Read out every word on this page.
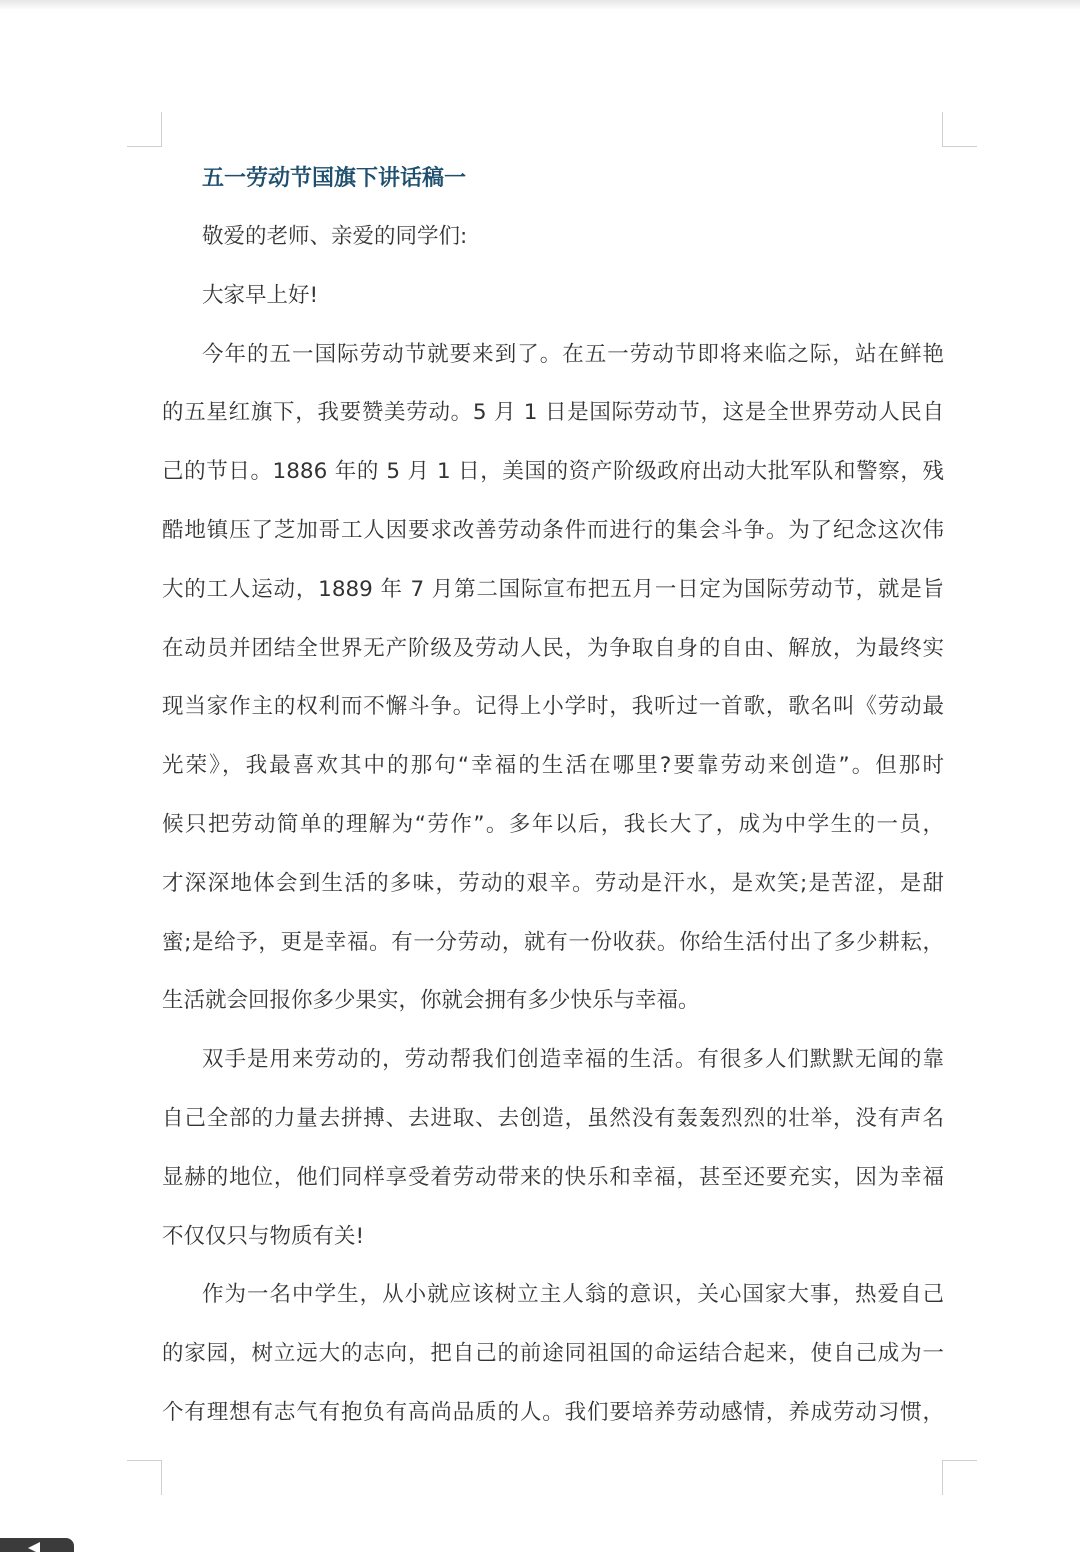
五一劳动节国旗下讲话稿一
敬爱的老师、亲爱的同学们:
大家早上好!
今年的五一国际劳动节就要来到了。在五一劳动节即将来临之际，站在鲜艳
的五星红旗下，我要赞美劳动。5 月 1 日是国际劳动节，这是全世界劳动人民自
己的节日。1886 年的 5 月 1 日，美国的资产阶级政府出动大批军队和警察，残
酷地镇压了芝加哥工人因要求改善劳动条件而进行的集会斗争。为了纪念这次伟
大的工人运动，1889 年 7 月第二国际宣布把五月一日定为国际劳动节，就是旨
在动员并团结全世界无产阶级及劳动人民，为争取自身的自由、解放，为最终实
现当家作主的权利而不懈斗争。记得上小学时，我听过一首歌，歌名叫《劳动最
光荣》，我最喜欢其中的那句“幸福的生活在哪里?要靠劳动来创造”。但那时
候只把劳动简单的理解为“劳作”。多年以后，我长大了，成为中学生的一员，
才深深地体会到生活的多味，劳动的艰辛。劳动是汗水，是欢笑;是苦涩，是甜
蜜;是给予，更是幸福。有一分劳动，就有一份收获。你给生活付出了多少耕耘，
生活就会回报你多少果实，你就会拥有多少快乐与幸福。
双手是用来劳动的，劳动帮我们创造幸福的生活。有很多人们默默无闻的靠
自己全部的力量去拼搏、去进取、去创造，虽然没有轰轰烈烈的壮举，没有声名
显赫的地位，他们同样享受着劳动带来的快乐和幸福，甚至还要充实，因为幸福
不仅仅只与物质有关!
作为一名中学生，从小就应该树立主人翁的意识，关心国家大事，热爱自己
的家园，树立远大的志向，把自己的前途同祖国的命运结合起来，使自己成为一
个有理想有志气有抱负有高尚品质的人。我们要培养劳动感情，养成劳动习惯，
